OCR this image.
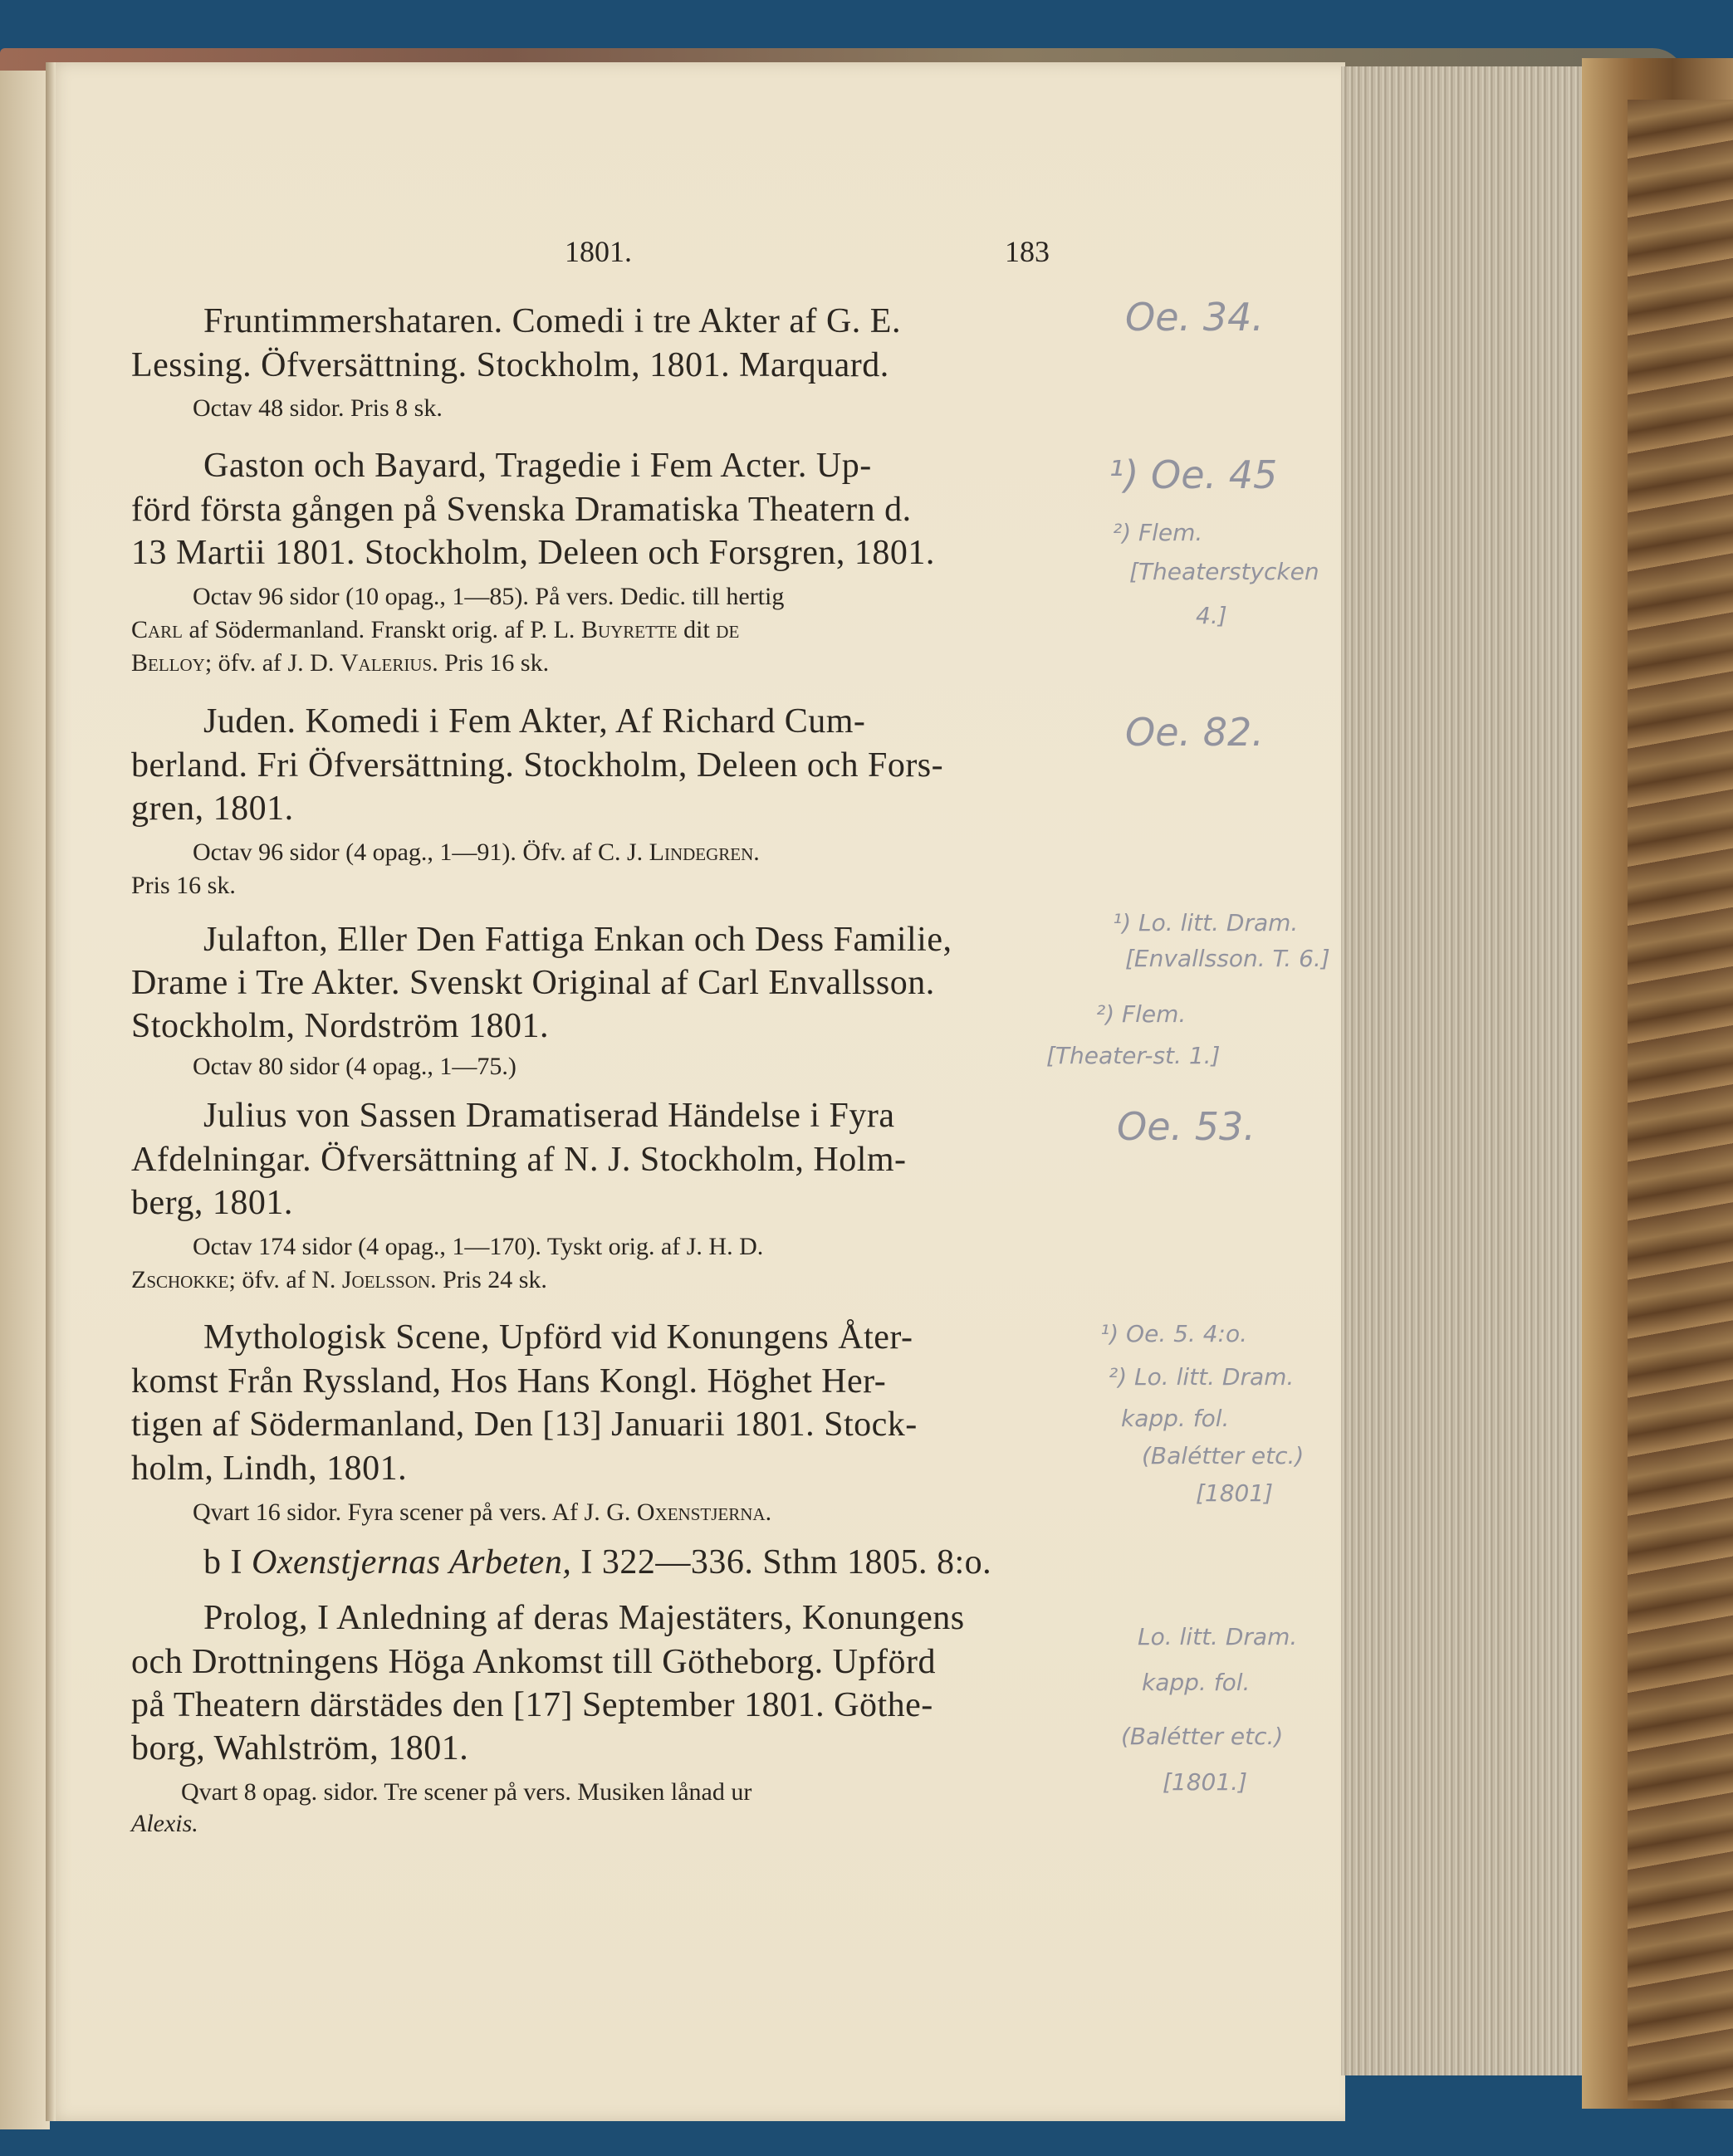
1801.	183
Fruntimmershataren. Comedi i tre Akter af G. E.
Lessing. Öfversättning. Stockholm, 1801. Marquard.
Octav 48 sidor. Pris 8 sk.
Gaston och Bayard, Tragedie i Fem Acter. Up-
förd första gången på Svenska Dramatiska Theatern d.
13 Martii 1801. Stockholm, Deleen och Forsgren, 1801.
Octav 96 sidor (10 opag., 1—85). På vers. Dedic. till hertig
Carl af Södermanland. Franskt orig. af P. L. Buyrette dit de
Belloy; öfv. af J. D. Valerius. Pris 16 sk.
Juden. Komedi i Fem Akter, Af Richard Cum-
berland. Fri Öfversättning. Stockholm, Deleen och Fors-
gren, 1801.
Octav 96 sidor (4 opag., 1—91). Öfv. af C. J. Lindegren.
Pris 16 sk.
Julafton, Eller Den Fattiga Enkan och Dess Familie,
Drame i Tre Akter. Svenskt Original af Carl Envallsson.
Stockholm, Nordström 1801.
Octav 80 sidor (4 opag., 1—75.)
Julius von Sassen Dramatiserad Händelse i Fyra
Afdelningar. Öfversättning af N. J. Stockholm, Holm-
berg, 1801.
Octav 174 sidor (4 opag., 1—170). Tyskt orig. af J. H. D.
Zschokke; öfv. af N. Joelsson. Pris 24 sk.
Mythologisk Scene, Upförd vid Konungens Åter-
komst Från Ryssland, Hos Hans Kongl. Höghet Her-
tigen af Södermanland, Den [13] Januarii 1801. Stock-
holm, Lindh, 1801.
Qvart 16 sidor. Fyra scener på vers. Af J. G. Oxenstjerna.
b I Oxenstjernas Arbeten, I 322—336. Sthm 1805. 8:o.
Prolog, I Anledning af deras Majestäters, Konungens
och Drottningens Höga Ankomst till Götheborg. Upförd
på Theatern därstädes den [17] September 1801. Göthe-
borg, Wahlström, 1801.
Qvart 8 opag. sidor. Tre scener på vers. Musiken lånad ur
Alexis.
Oe. 34.
¹) Oe. 45
²) Flem.
[Theaterstycken
4.]
Oe. 82.
¹) Lo. litt. Dram.
[Envallsson. T. 6.]
²) Flem.
[Theater-st. 1.]
Oe. 53.
¹) Oe. 5. 4:o.
²) Lo. litt. Dram.
kapp. fol.
(Balétter etc.)
[1801]
Lo. litt. Dram.
kapp. fol.
(Balétter etc.)
[1801.]
